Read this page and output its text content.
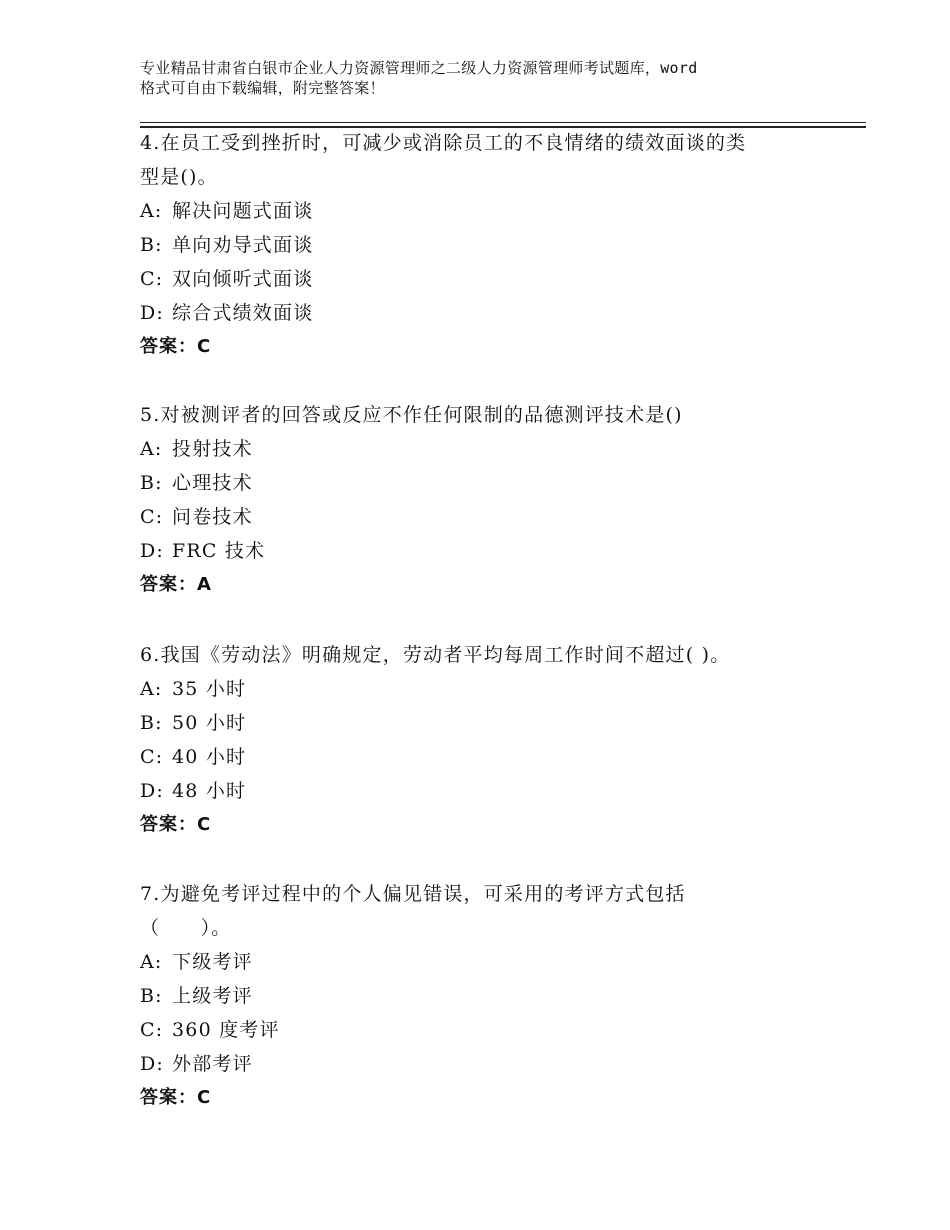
专业精品甘肃省白银市企业人力资源管理师之二级人力资源管理师考试题库，word
格式可自由下载编辑，附完整答案！
4.在员工受到挫折时，可减少或消除员工的不良情绪的绩效面谈的类
型是()。
A: 解决问题式面谈
B: 单向劝导式面谈
C: 双向倾听式面谈
D: 综合式绩效面谈
答案：C
5.对被测评者的回答或反应不作任何限制的品德测评技术是()
A: 投射技术
B: 心理技术
C: 问卷技术
D: FRC 技术
答案：A
6.我国《劳动法》明确规定，劳动者平均每周工作时间不超过( )。
A: 35 小时
B: 50 小时
C: 40 小时
D: 48 小时
答案：C
7.为避免考评过程中的个人偏见错误，可采用的考评方式包括
（　　）。
A: 下级考评
B: 上级考评
C: 360 度考评
D: 外部考评
答案：C
